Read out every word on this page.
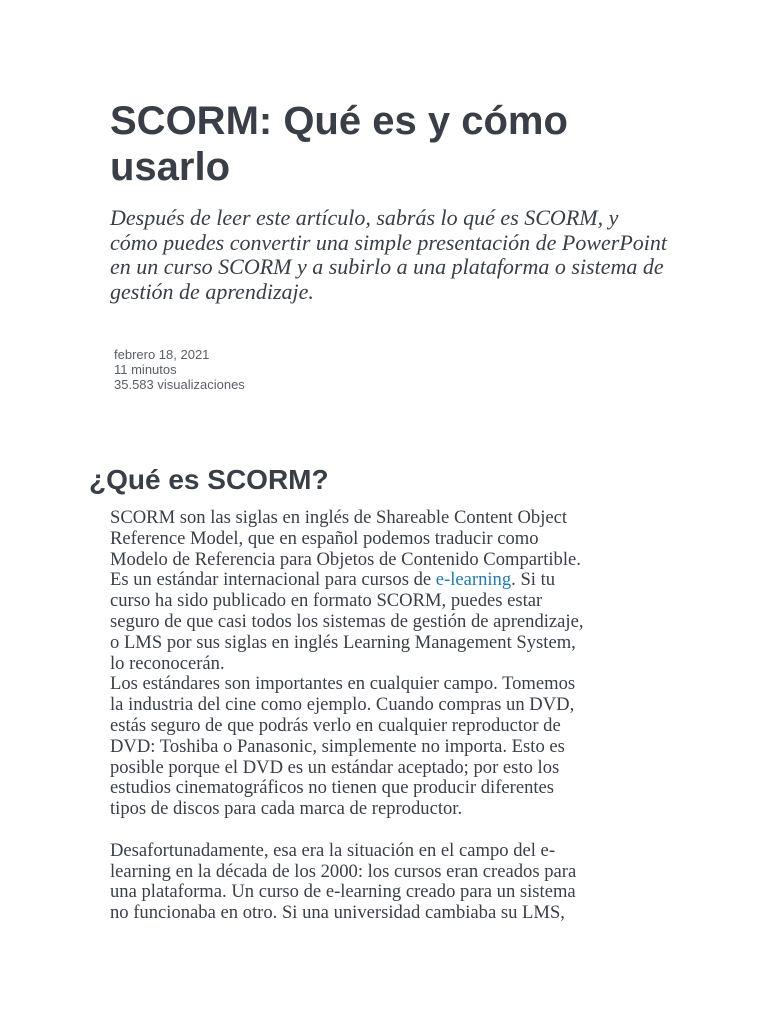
SCORM: Qué es y cómo usarlo

Después de leer este artículo, sabrás lo qué es SCORM, y cómo puedes convertir una simple presentación de PowerPoint en un curso SCORM y a subirlo a una plataforma o sistema de gestión de aprendizaje.

febrero 18, 2021
11 minutos
35.583 visualizaciones
¿Qué es SCORM?

SCORM son las siglas en inglés de Shareable Content Object
Reference Model, que en español podemos traducir como
Modelo de Referencia para Objetos de Contenido Compartible.
Es un estándar internacional para cursos de e-learning. Si tu
curso ha sido publicado en formato SCORM, puedes estar
seguro de que casi todos los sistemas de gestión de aprendizaje,
o LMS por sus siglas en inglés Learning Management System,
lo reconocerán.

Los estándares son importantes en cualquier campo. Tomemos
la industria del cine como ejemplo. Cuando compras un DVD,
estás seguro de que podrás verlo en cualquier reproductor de
DVD: Toshiba o Panasonic, simplemente no importa. Esto es
posible porque el DVD es un estándar aceptado; por esto los
estudios cinematográficos no tienen que producir diferentes
tipos de discos para cada marca de reproductor.

Desafortunadamente, esa era la situación en el campo del e-
learning en la década de los 2000: los cursos eran creados para
una plataforma. Un curso de e-learning creado para un sistema
no funcionaba en otro. Si una universidad cambiaba su LMS,
